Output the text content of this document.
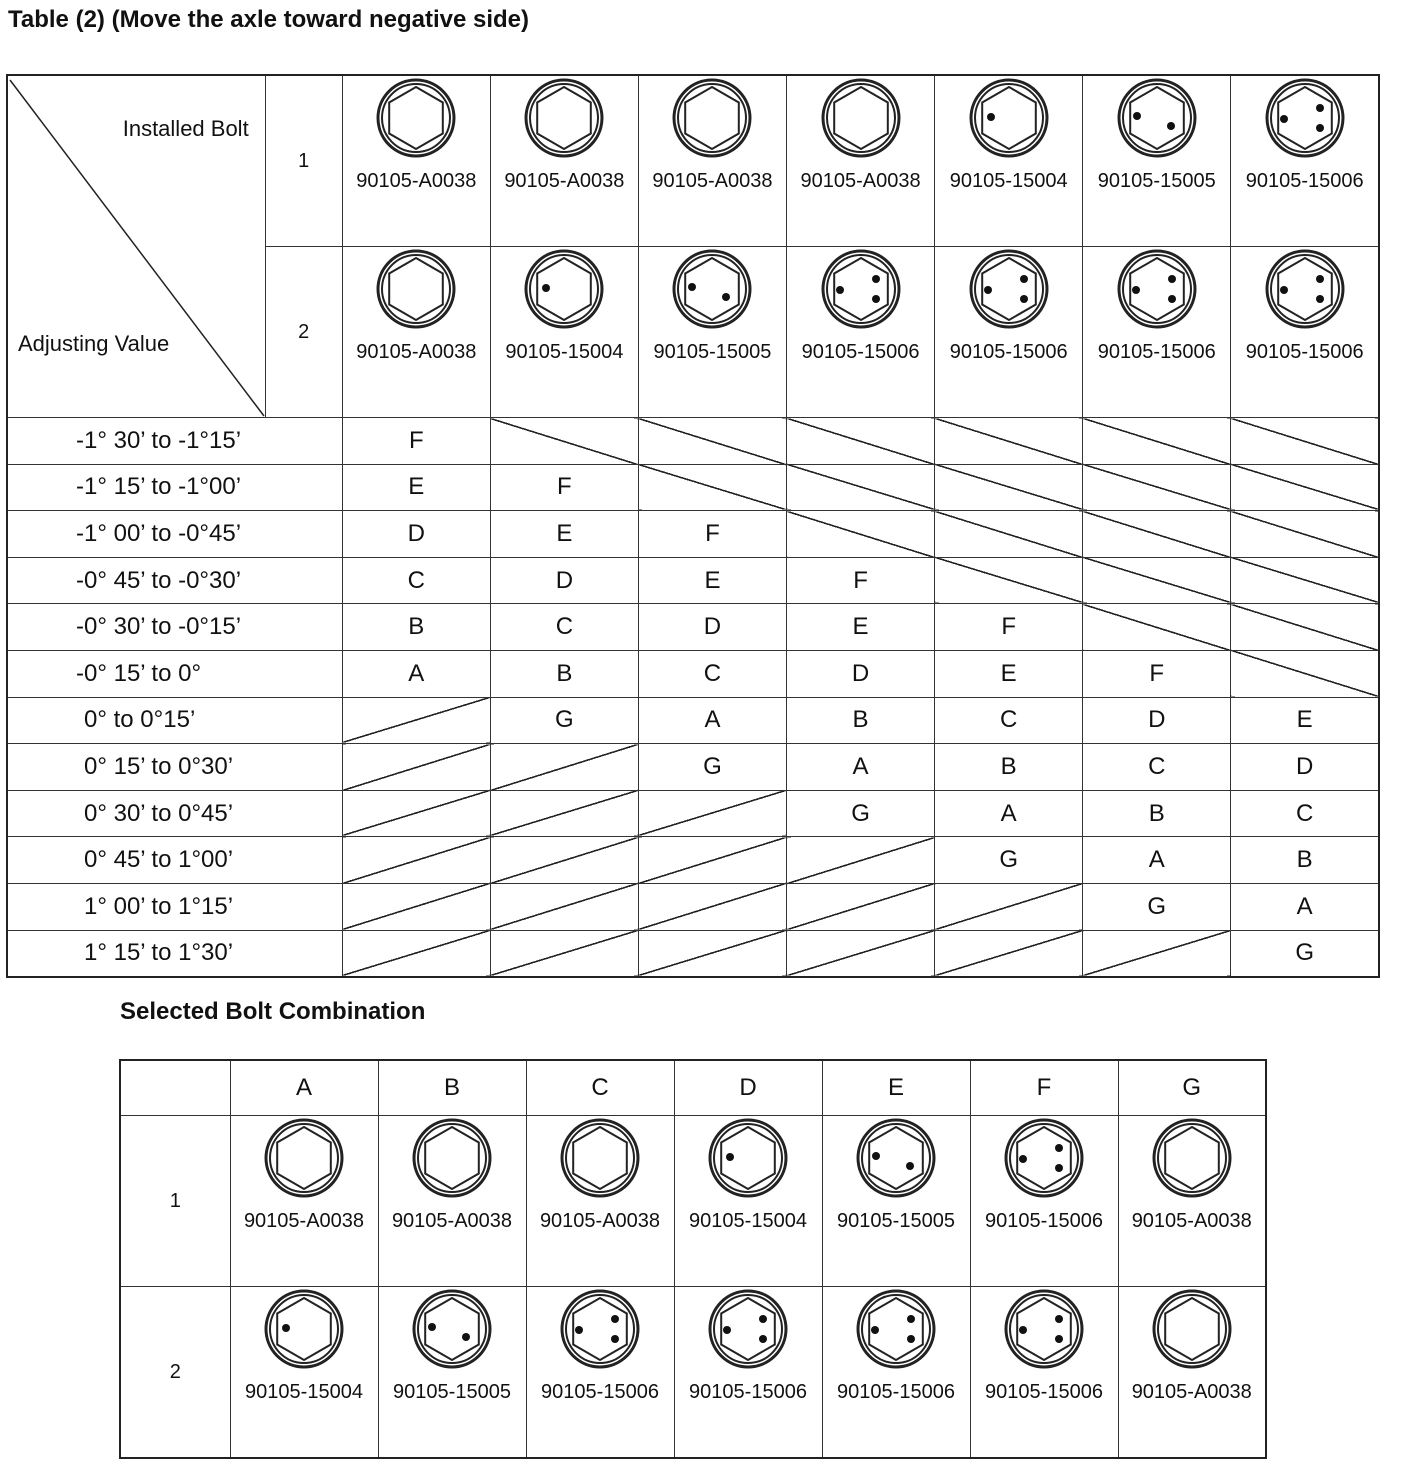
Table (2) (Move the axle toward negative side)
Installed Bolt
Adjusting Value	1	90105-A0038	90105-A0038	90105-A0038	90105-A0038	90105-15004	90105-15005	90105-15006

	2	90105-A0038	90105-15004	90105-15005	90105-15006	90105-15006	90105-15006	90105-15006

-1° 30’ to -1°15’		F						
-1° 15’ to -1°00’		E	F					
-1° 00’ to -0°45’		D	E	F				
-0° 45’ to -0°30’		C	D	E	F			
-0° 30’ to -0°15’		B	C	D	E	F		
-0° 15’ to 0°		A	B	C	D	E	F	
0° to 0°15’			G	A	B	C	D	E
0° 15’ to 0°30’				G	A	B	C	D
0° 30’ to 0°45’					G	A	B	C
0° 45’ to 1°00’						G	A	B
1° 00’ to 1°15’							G	A
1° 15’ to 1°30’								G
Selected Bolt Combination
	A	B	C	D	E	F	G
1	90105-A0038	90105-A0038	90105-A0038	90105-15004	90105-15005	90105-15006	90105-A0038

2	90105-15004	90105-15005	90105-15006	90105-15006	90105-15006	90105-15006	90105-A0038
